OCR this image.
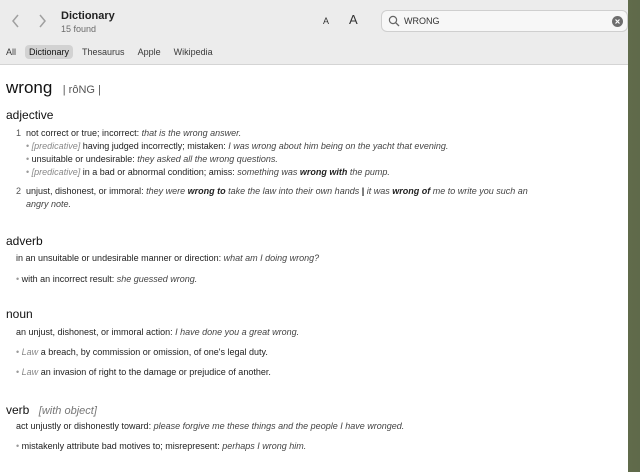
Dictionary
15 found
A A
WRONG
All	Dictionary	Thesaurus	Apple	Wikipedia
wrong | rôNG |
adjective
1 not correct or true; incorrect: that is the wrong answer.
• [predicative] having judged incorrectly; mistaken: I was wrong about him being on the yacht that evening.
• unsuitable or undesirable: they asked all the wrong questions.
• [predicative] in a bad or abnormal condition; amiss: something was wrong with the pump.
2 unjust, dishonest, or immoral: they were wrong to take the law into their own hands | it was wrong of me to write you such an
angry note.
adverb
in an unsuitable or undesirable manner or direction: what am I doing wrong?
• with an incorrect result: she guessed wrong.
noun
an unjust, dishonest, or immoral action: I have done you a great wrong.
• Law a breach, by commission or omission, of one's legal duty.
• Law an invasion of right to the damage or prejudice of another.
verb [with object]
act unjustly or dishonestly toward: please forgive me these things and the people I have wronged.
• mistakenly attribute bad motives to; misrepresent: perhaps I wrong him.
